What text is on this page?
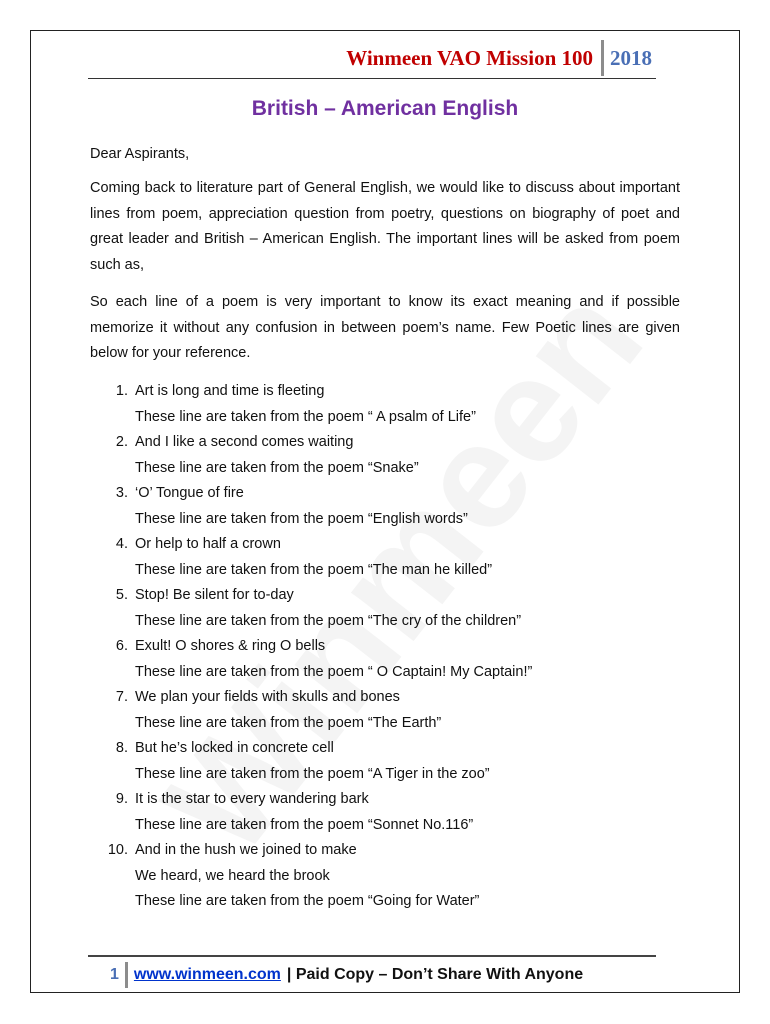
Winmeen VAO Mission 100 2018
British – American English
Dear Aspirants,
Coming back to literature part of General English, we would like to discuss about important lines from poem, appreciation question from poetry, questions on biography of poet and great leader and British – American English. The important lines will be asked from poem such as,
So each line of a poem is very important to know its exact meaning and if possible memorize it without any confusion in between poem’s name. Few Poetic lines are given below for your reference.
1. Art is long and time is fleeting
These line are taken from the poem “ A psalm of Life”
2. And I like a second comes waiting
These line are taken from the poem “Snake”
3. ‘O’ Tongue of fire
These line are taken from the poem “English words”
4. Or help to half a crown
These line are taken from the poem “The man he killed”
5. Stop! Be silent for to-day
These line are taken from the poem “The cry of the children”
6. Exult! O shores & ring O bells
These line are taken from the poem “ O Captain! My Captain!”
7. We plan your fields with skulls and bones
These line are taken from the poem “The Earth”
8. But he’s locked in concrete cell
These line are taken from the poem “A Tiger in the zoo”
9. It is the star to every wandering bark
These line are taken from the poem “Sonnet No.116”
10. And in the hush we joined to make
We heard, we heard the brook
These line are taken from the poem “Going for Water”
1 www.winmeen.com | Paid Copy – Don’t Share With Anyone
